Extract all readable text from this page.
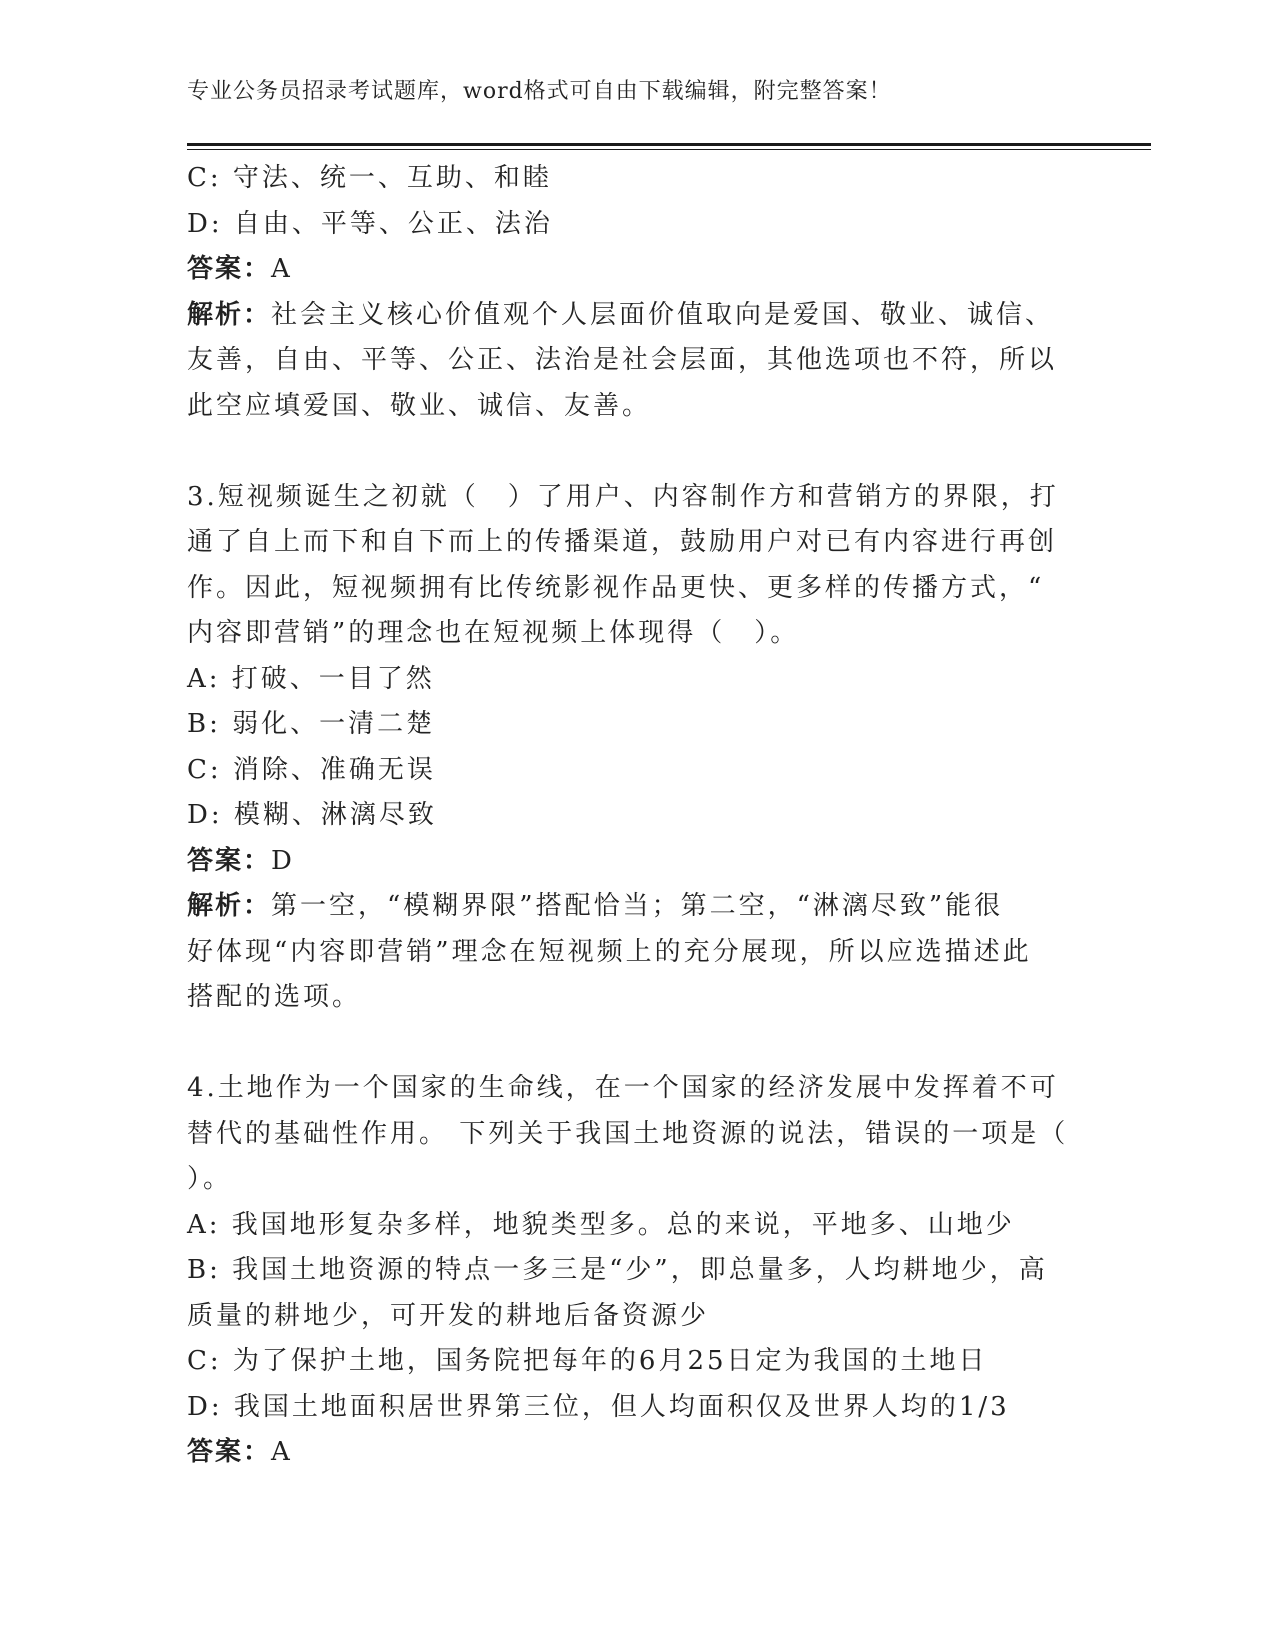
专业公务员招录考试题库，word格式可自由下载编辑，附完整答案！
C: 守法、统一、互助、和睦
D: 自由、平等、公正、法治
答案：A
解析：社会主义核心价值观个人层面价值取向是爱国、敬业、诚信、
友善，自由、平等、公正、法治是社会层面，其他选项也不符，所以
此空应填爱国、敬业、诚信、友善。
3.短视频诞生之初就（　）了用户、内容制作方和营销方的界限，打
通了自上而下和自下而上的传播渠道，鼓励用户对已有内容进行再创
作。因此，短视频拥有比传统影视作品更快、更多样的传播方式，“
内容即营销”的理念也在短视频上体现得（　）。
A: 打破、一目了然
B: 弱化、一清二楚
C: 消除、准确无误
D: 模糊、淋漓尽致
答案：D
解析：第一空，“模糊界限”搭配恰当；第二空，“淋漓尽致”能很
好体现“内容即营销”理念在短视频上的充分展现，所以应选描述此
搭配的选项。
4.土地作为一个国家的生命线，在一个国家的经济发展中发挥着不可
替代的基础性作用。 下列关于我国土地资源的说法，错误的一项是（
）。
A: 我国地形复杂多样，地貌类型多。总的来说，平地多、山地少
B: 我国土地资源的特点一多三是“少”，即总量多，人均耕地少，高
质量的耕地少，可开发的耕地后备资源少
C: 为了保护土地，国务院把每年的6月25日定为我国的土地日
D: 我国土地面积居世界第三位，但人均面积仅及世界人均的1/3
答案：A
